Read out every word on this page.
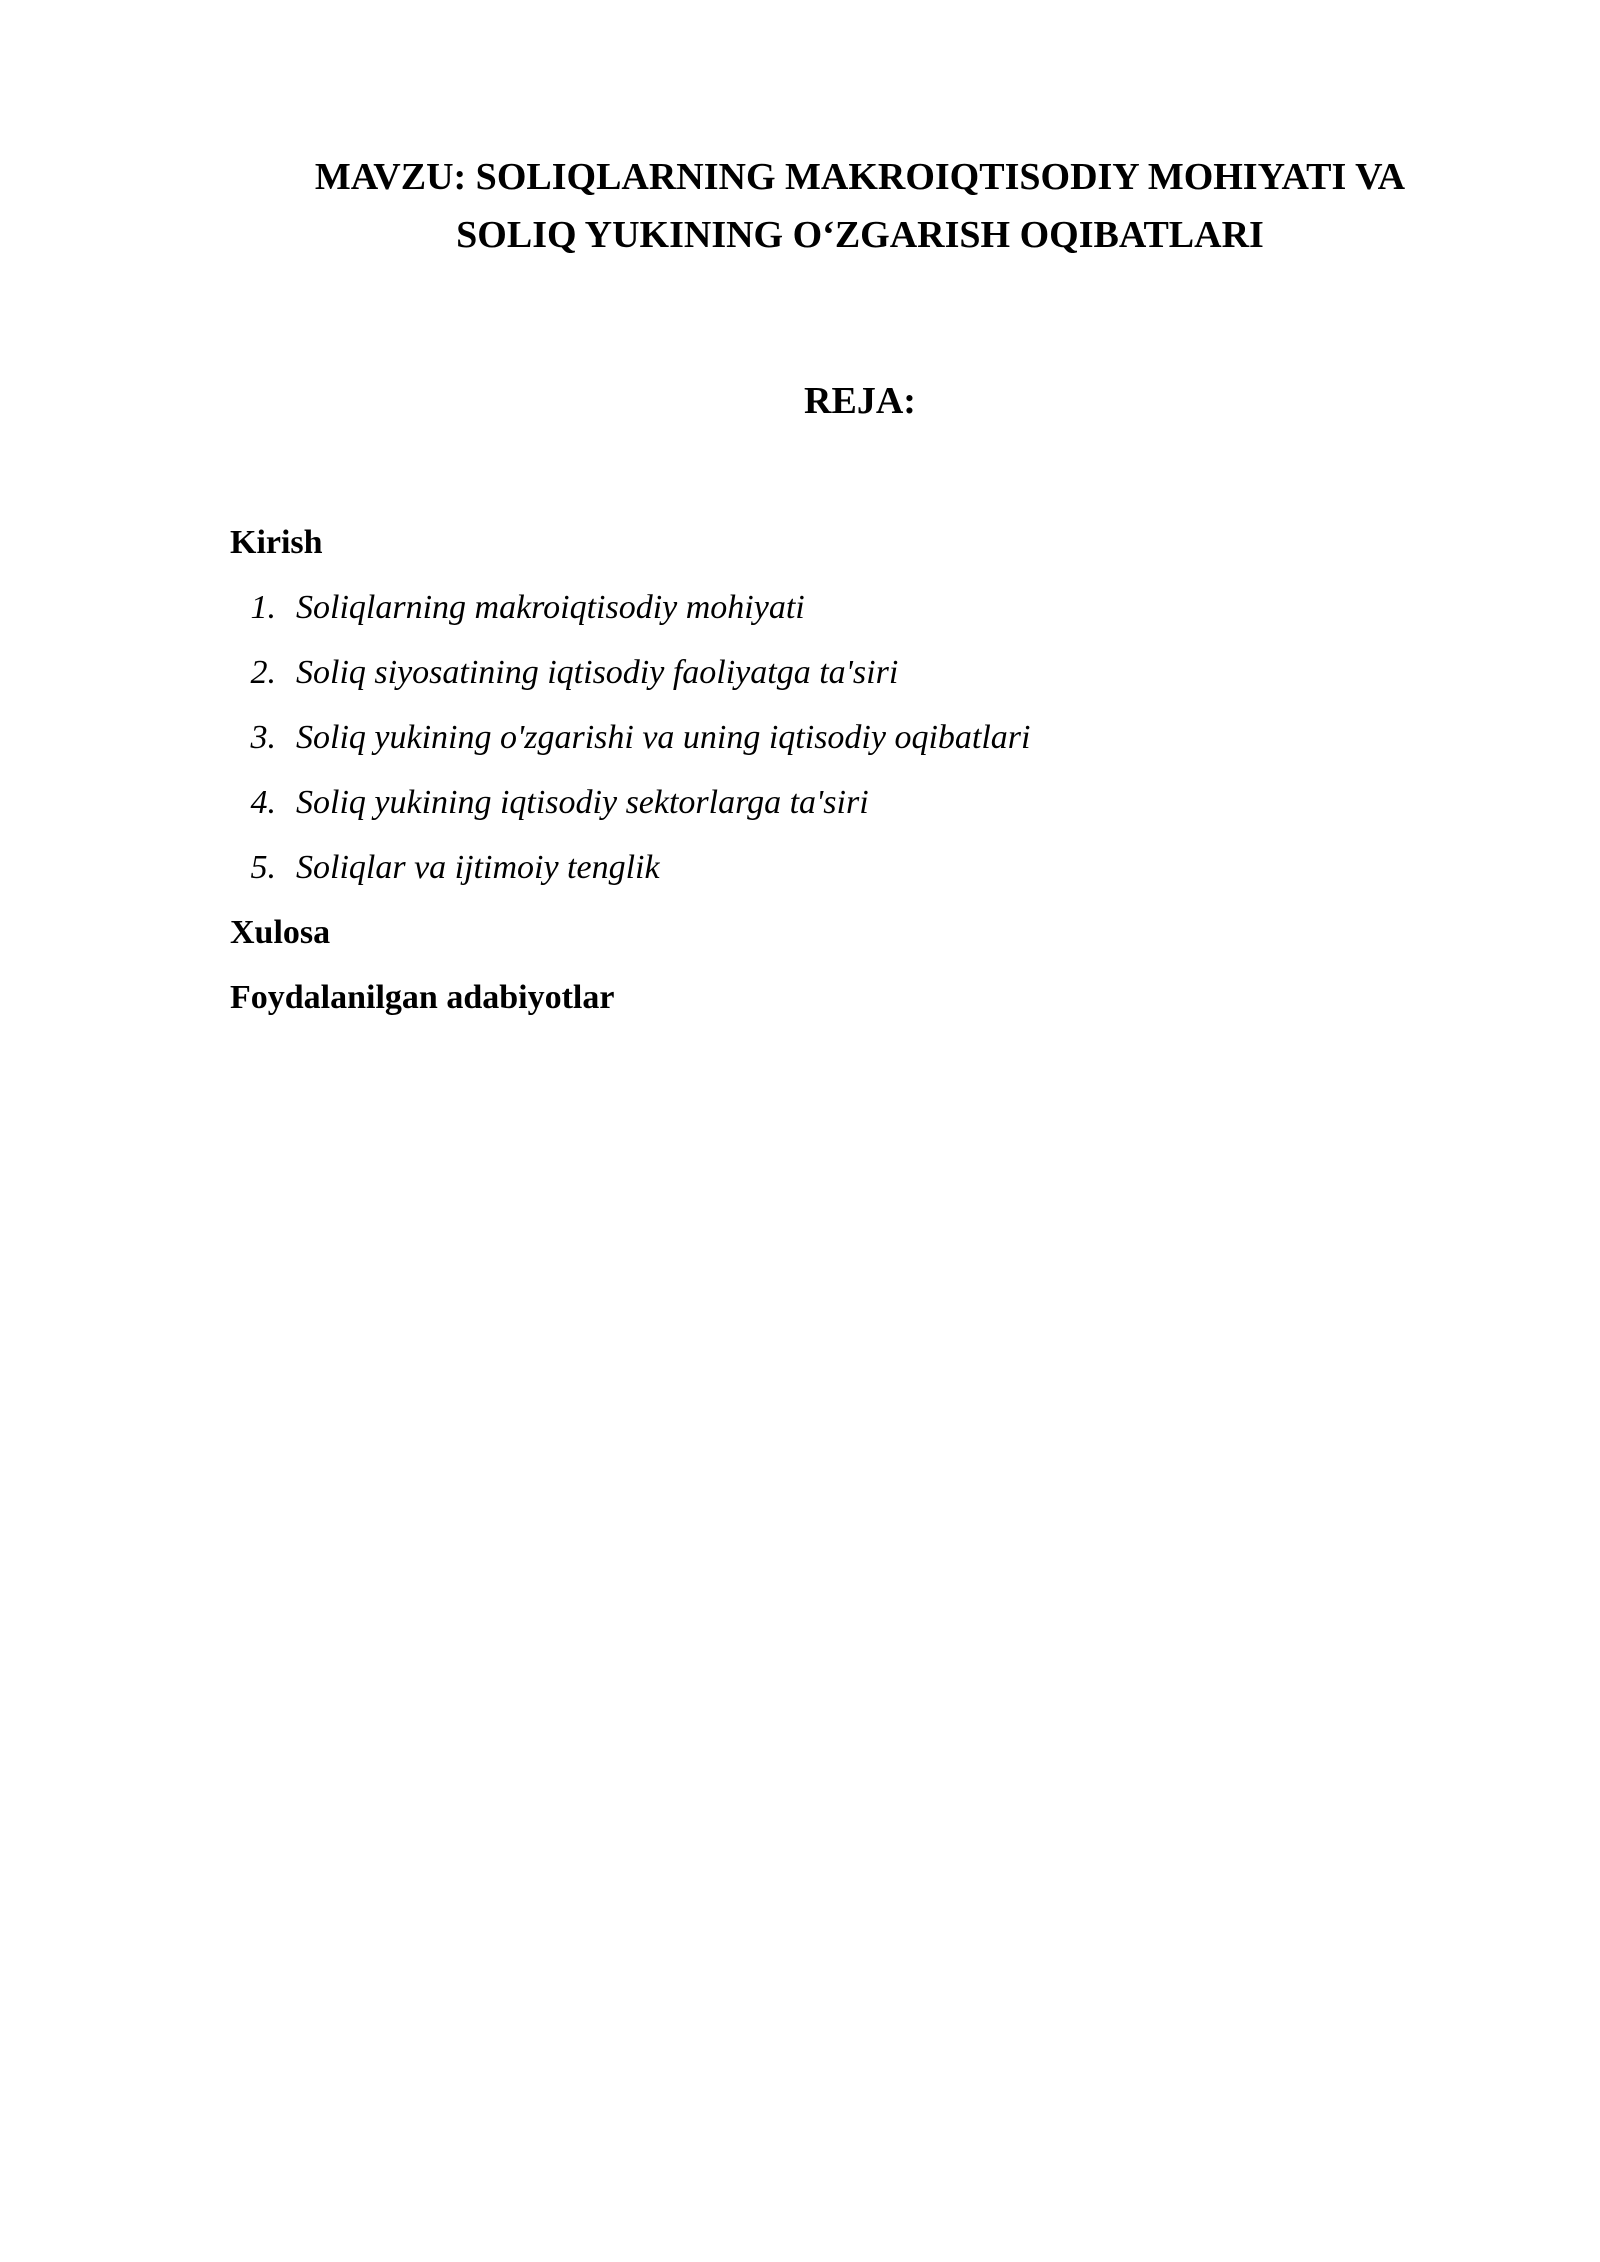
MAVZU: SOLIQLARNING MAKROIQTISODIY MOHIYATI VA
SOLIQ YUKINING O‘ZGARISH OQIBATLARI
REJA:
Kirish
1. Soliqlarning makroiqtisodiy mohiyati
2. Soliq siyosatining iqtisodiy faoliyatga ta'siri
3. Soliq yukining o'zgarishi va uning iqtisodiy oqibatlari
4. Soliq yukining iqtisodiy sektorlarga ta'siri
5. Soliqlar va ijtimoiy tenglik
Xulosa
Foydalanilgan adabiyotlar
